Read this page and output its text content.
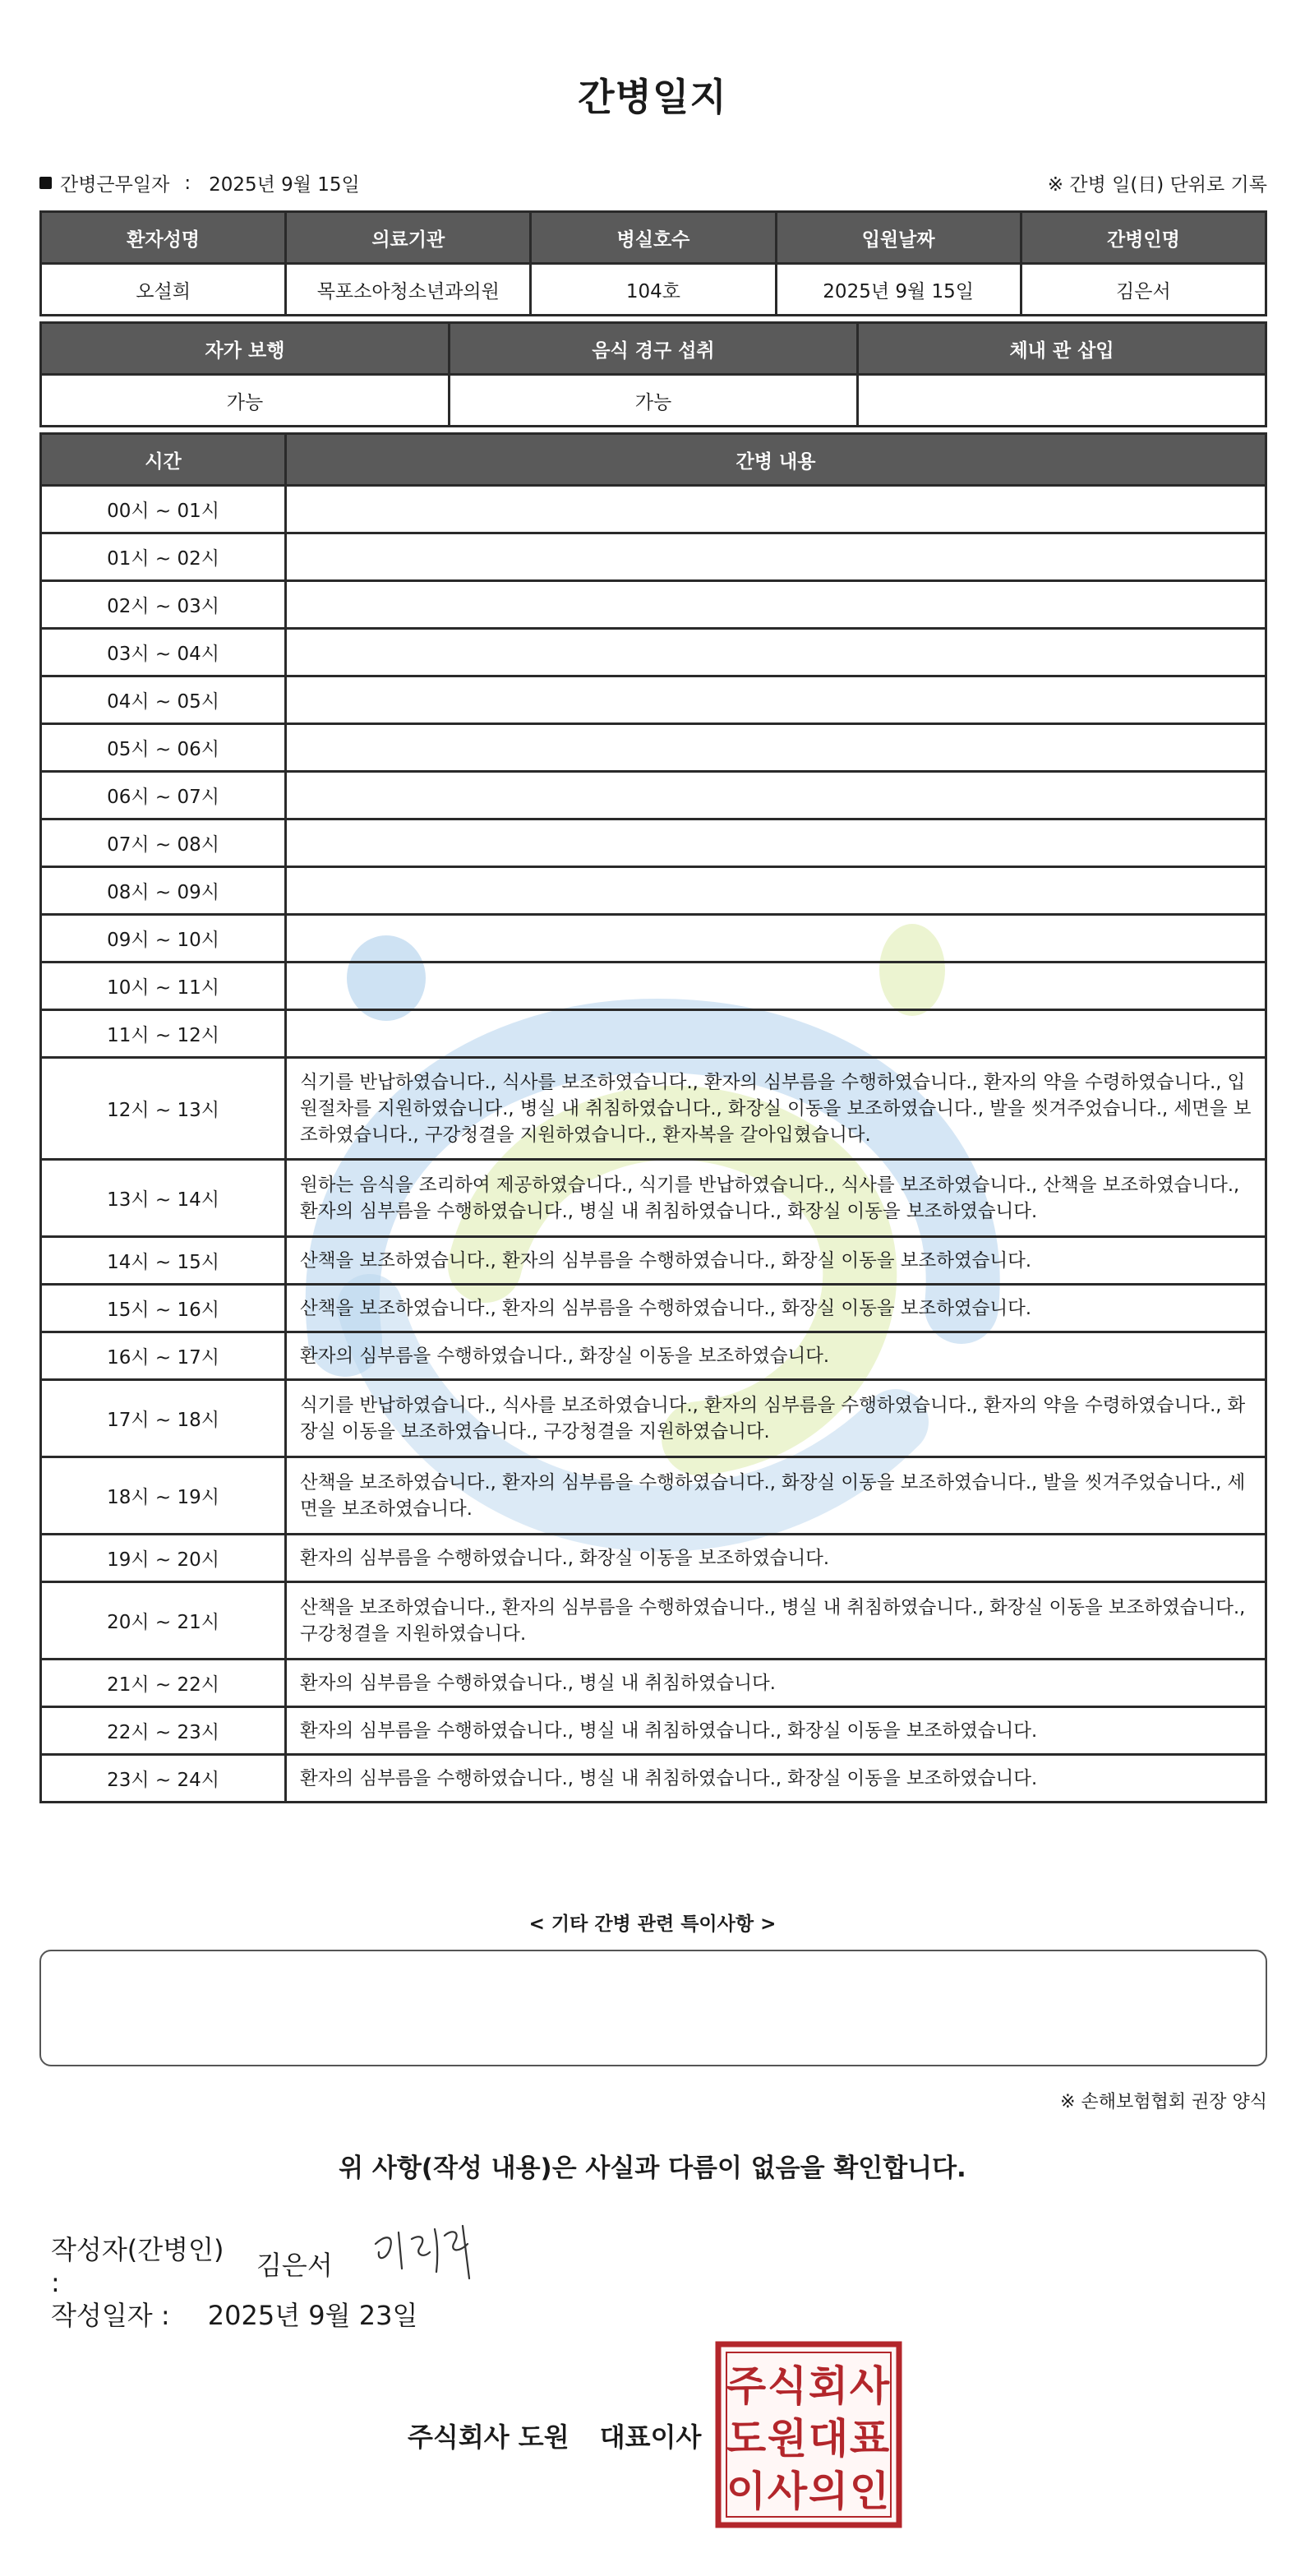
간병일지
간병근무일자 : 2025년 9월 15일	※ 간병 일(日) 단위로 기록
환자성명	의료기관	병실호수	입원날짜	간병인명
오설희	목포소아청소년과의원	104호	2025년 9월 15일	김은서
자가 보행	음식 경구 섭취	체내 관 삽입
가능	가능	
시간	간병 내용
00시 ~ 01시	
01시 ~ 02시	
02시 ~ 03시	
03시 ~ 04시	
04시 ~ 05시	
05시 ~ 06시	
06시 ~ 07시	
07시 ~ 08시	
08시 ~ 09시	
09시 ~ 10시	
10시 ~ 11시	
11시 ~ 12시	
12시 ~ 13시	식기를 반납하였습니다., 식사를 보조하였습니다., 환자의 심부름을 수행하였습니다., 환자의 약을 수령하였습니다., 입원절차를 지원하였습니다., 병실 내 취침하였습니다., 화장실 이동을 보조하였습니다., 발을 씻겨주었습니다., 세면을 보조하였습니다., 구강청결을 지원하였습니다., 환자복을 갈아입혔습니다.
13시 ~ 14시	원하는 음식을 조리하여 제공하였습니다., 식기를 반납하였습니다., 식사를 보조하였습니다., 산책을 보조하였습니다., 환자의 심부름을 수행하였습니다., 병실 내 취침하였습니다., 화장실 이동을 보조하였습니다.
14시 ~ 15시	산책을 보조하였습니다., 환자의 심부름을 수행하였습니다., 화장실 이동을 보조하였습니다.
15시 ~ 16시	산책을 보조하였습니다., 환자의 심부름을 수행하였습니다., 화장실 이동을 보조하였습니다.
16시 ~ 17시	환자의 심부름을 수행하였습니다., 화장실 이동을 보조하였습니다.
17시 ~ 18시	식기를 반납하였습니다., 식사를 보조하였습니다., 환자의 심부름을 수행하였습니다., 환자의 약을 수령하였습니다., 화장실 이동을 보조하였습니다., 구강청결을 지원하였습니다.
18시 ~ 19시	산책을 보조하였습니다., 환자의 심부름을 수행하였습니다., 화장실 이동을 보조하였습니다., 발을 씻겨주었습니다., 세면을 보조하였습니다.
19시 ~ 20시	환자의 심부름을 수행하였습니다., 화장실 이동을 보조하였습니다.
20시 ~ 21시	산책을 보조하였습니다., 환자의 심부름을 수행하였습니다., 병실 내 취침하였습니다., 화장실 이동을 보조하였습니다., 구강청결을 지원하였습니다.
21시 ~ 22시	환자의 심부름을 수행하였습니다., 병실 내 취침하였습니다.
22시 ~ 23시	환자의 심부름을 수행하였습니다., 병실 내 취침하였습니다., 화장실 이동을 보조하였습니다.
23시 ~ 24시	환자의 심부름을 수행하였습니다., 병실 내 취침하였습니다., 화장실 이동을 보조하였습니다.
< 기타 간병 관련 특이사항 >
※ 손해보험협회 권장 양식
위 사항(작성 내용)은 사실과 다름이 없음을 확인합니다.
작성자(간병인) :
김은서
작성일자 : 2025년 9월 23일
주식회사 도원 대표이사
주 식 회 사
도 원 대 표
이 사 의 인
